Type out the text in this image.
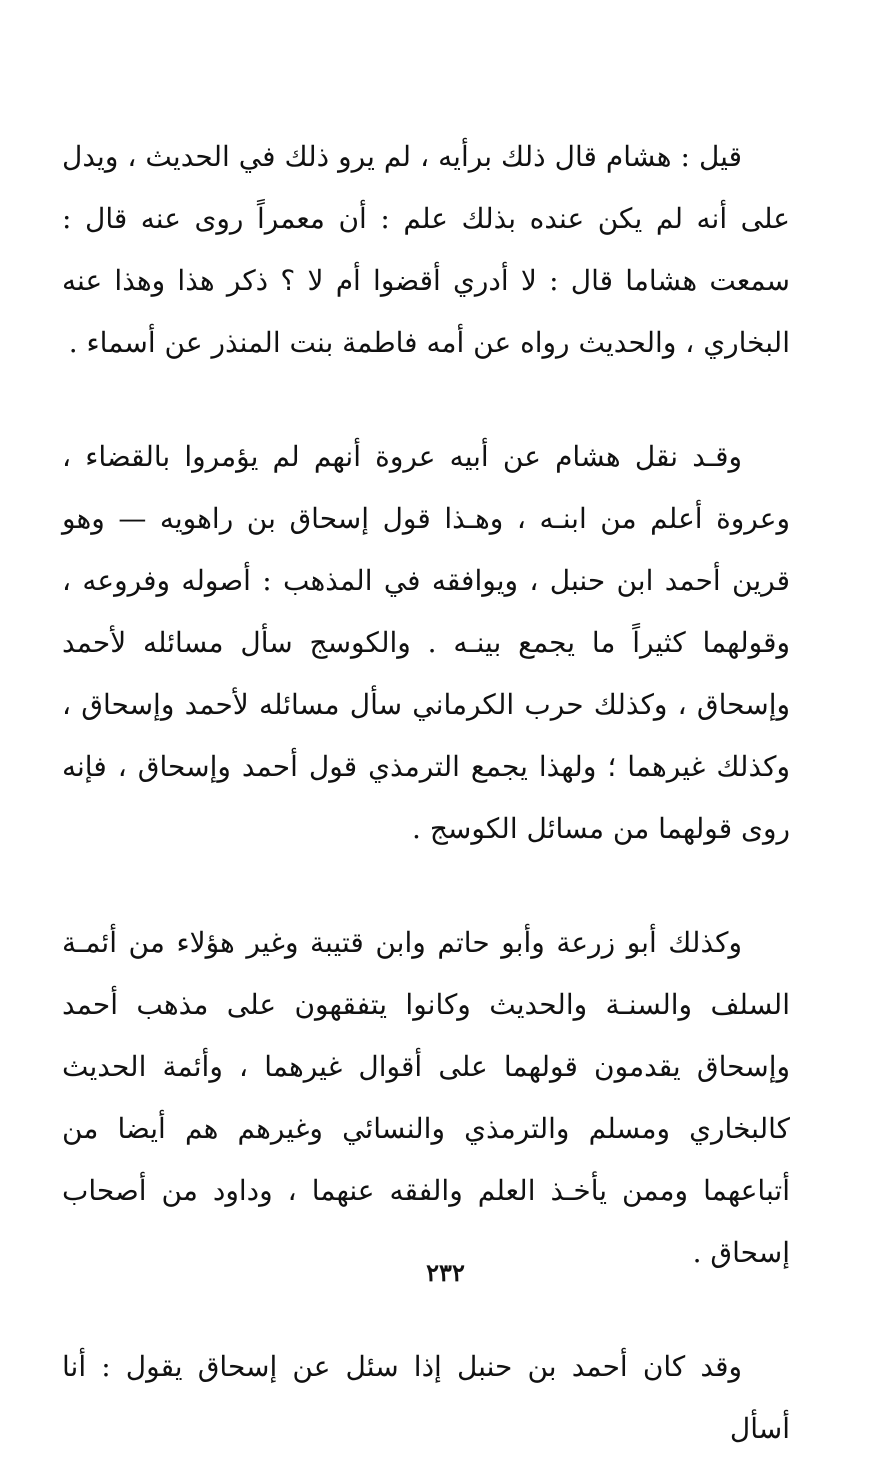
قيل : هشام قال ذلك برأيه ، لم يرو ذلك في الحديث ، ويدل على أنه لم يكن عنده بذلك علم : أن معمراً روى عنه قال : سمعت هشاما قال : لا أدري أقضوا أم لا ؟ ذكر هذا وهذا عنه البخاري ، والحديث رواه عن أمه فاطمة بنت المنذر عن أسماء .

وقـد نقل هشام عن أبيه عروة أنهم لم يؤمروا بالقضاء ، وعروة أعلم من ابنـه ، وهـذا قول إسحاق بن راهويه — وهو قرين أحمد ابن حنبل ، ويوافقه في المذهب : أصوله وفروعه ، وقولهما كثيراً ما يجمع بينـه . والكوسج سأل مسائله لأحمد وإسحاق ، وكذلك حرب الكرماني سأل مسائله لأحمد وإسحاق ، وكذلك غيرهما ؛ ولهذا يجمع الترمذي قول أحمد وإسحاق ، فإنه روى قولهما من مسائل الكوسج .

وكذلك أبو زرعة وأبو حاتم وابن قتيبة وغير هؤلاء من أئمـة السلف والسنـة والحديث وكانوا يتفقهون على مذهب أحمد وإسحاق يقدمون قولهما على أقوال غيرهما ، وأئمة الحديث كالبخاري ومسلم والترمذي والنسائي وغيرهم هم أيضا من أتباعهما وممن يأخـذ العلم والفقه عنهما ، وداود من أصحاب إسحاق .

وقد كان أحمد بن حنبل إذا سئل عن إسحاق يقول : أنا أسأل

٢٣٢
